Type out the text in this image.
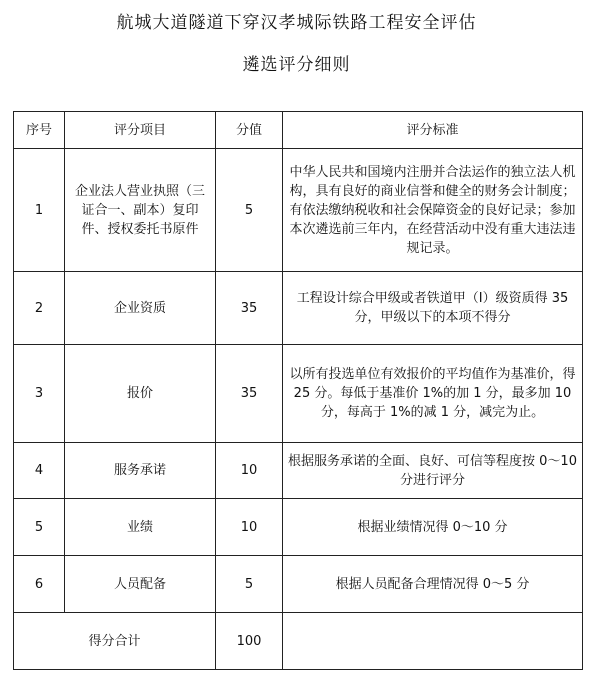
航城大道隧道下穿汉孝城际铁路工程安全评估
遴选评分细则
序号	评分项目	分值	评分标准
1	企业法人营业执照（三证合一、副本）复印件、授权委托书原件	5	中华人民共和国境内注册并合法运作的独立法人机构，具有良好的商业信誉和健全的财务会计制度；有依法缴纳税收和社会保障资金的良好记录；参加本次遴选前三年内，在经营活动中没有重大违法违规记录。
2	企业资质	35	工程设计综合甲级或者铁道甲（I）级资质得 35 分，甲级以下的本项不得分
3	报价	35	以所有投选单位有效报价的平均值作为基准价，得 25 分。每低于基准价 1%的加 1 分，最多加 10 分，每高于 1%的减 1 分，减完为止。
4	服务承诺	10	根据服务承诺的全面、良好、可信等程度按 0～10 分进行评分
5	业绩	10	根据业绩情况得 0～10 分
6	人员配备	5	根据人员配备合理情况得 0～5 分
得分合计		100	
